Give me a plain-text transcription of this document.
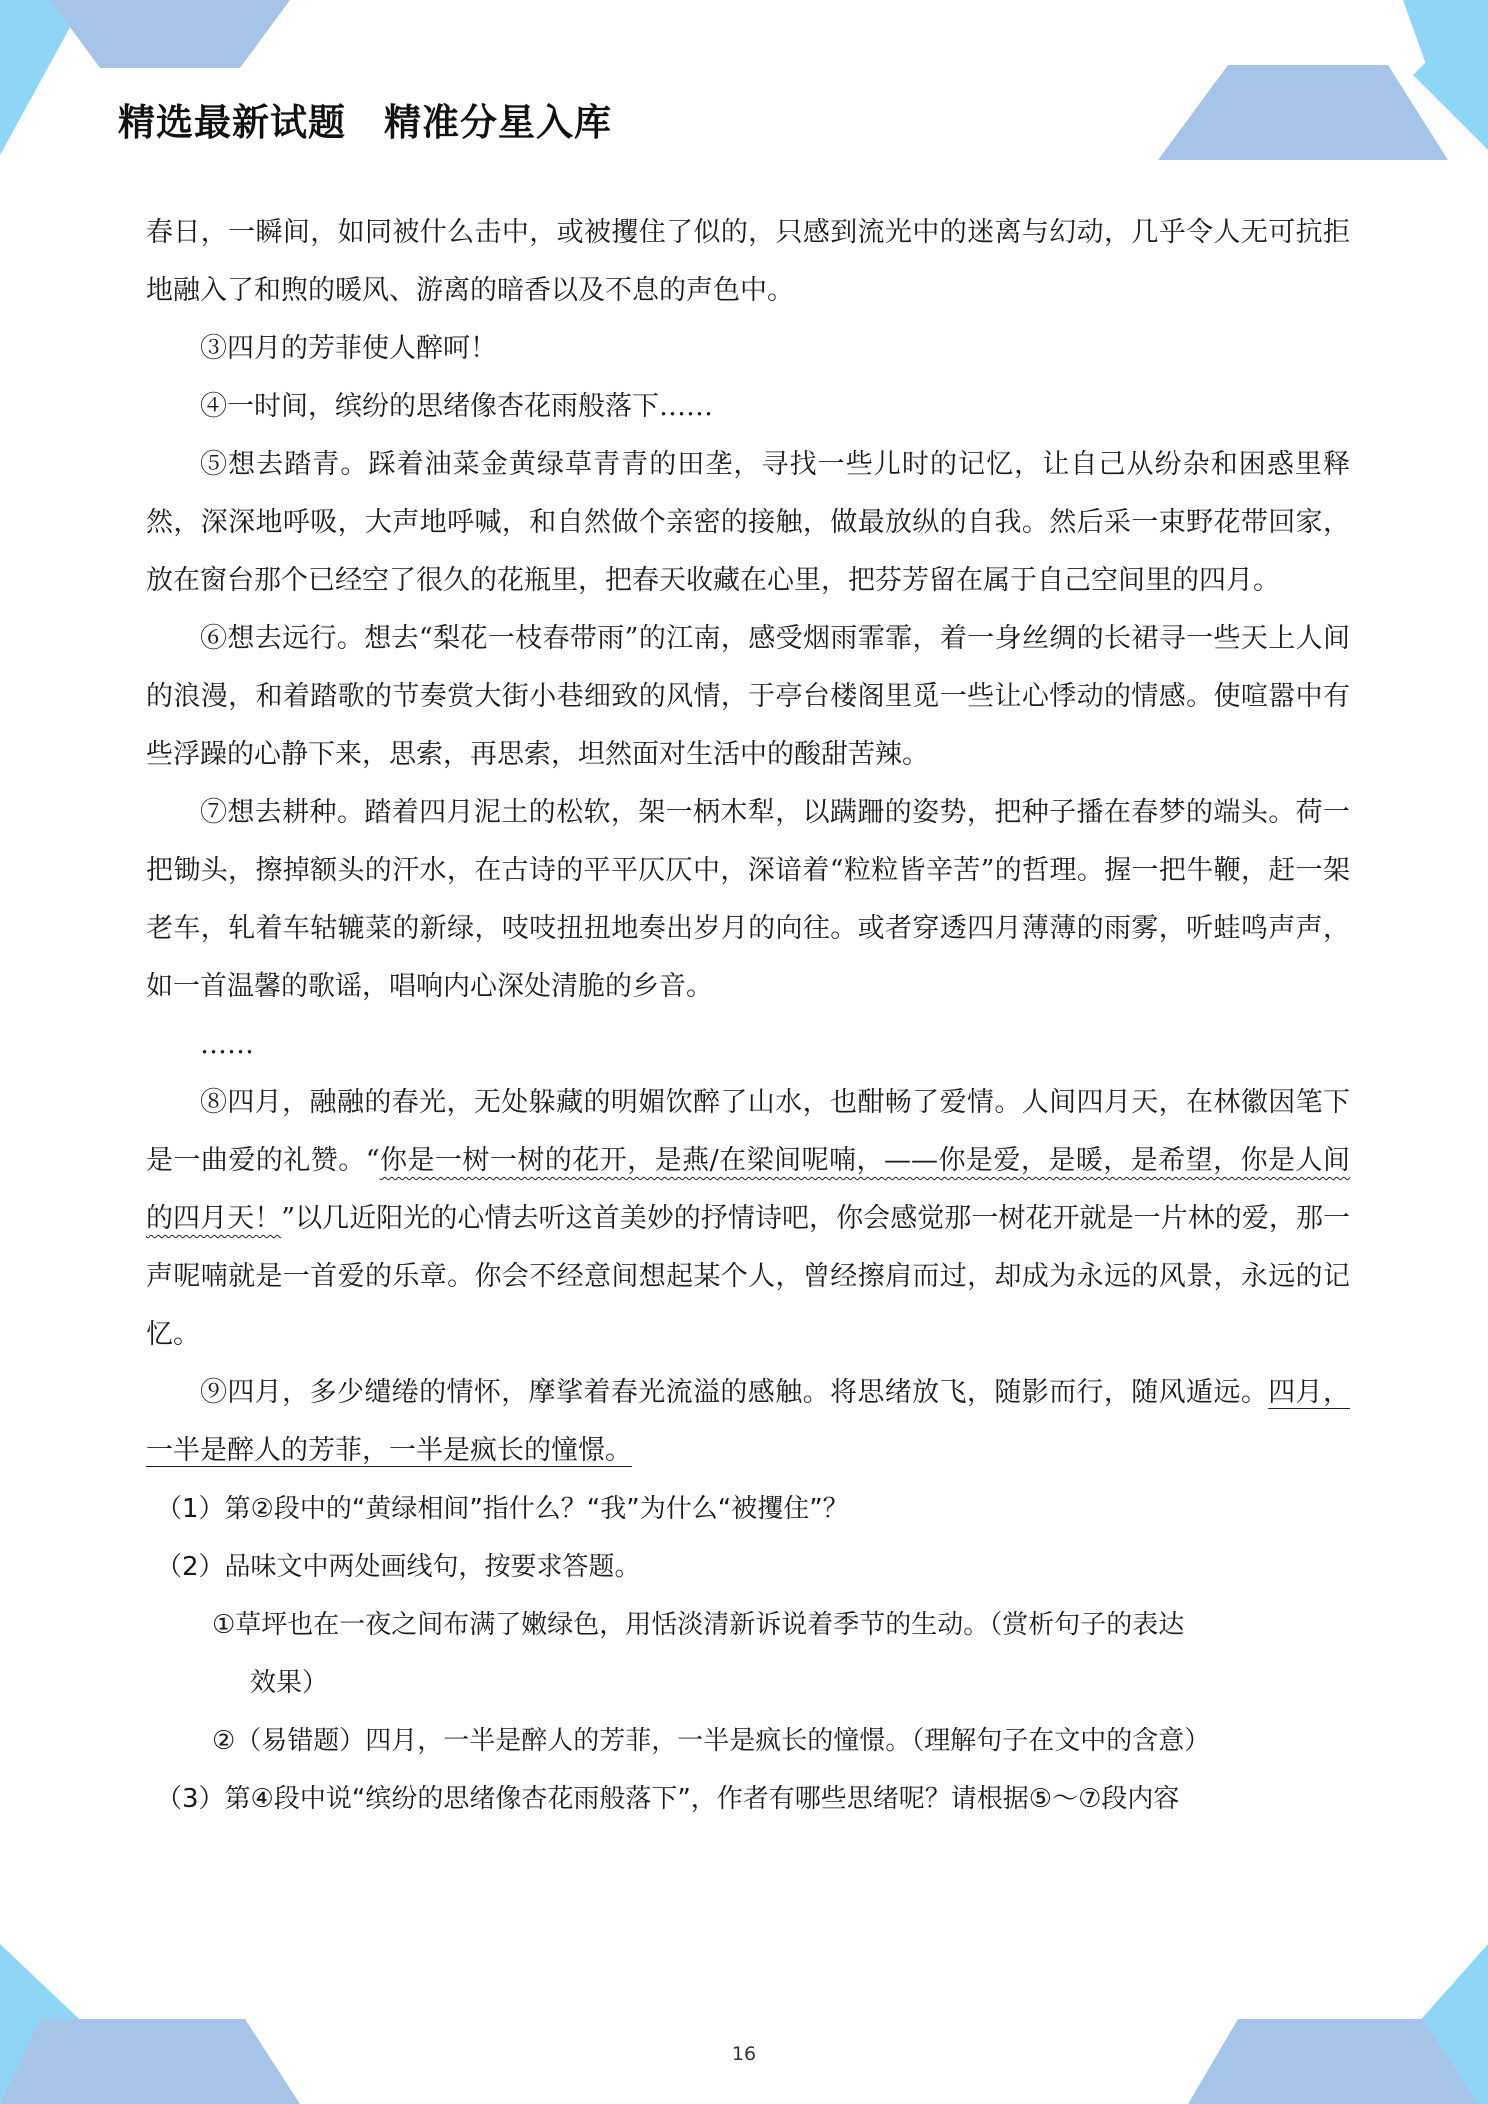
精选最新试题　精准分星入库

春日，一瞬间，如同被什么击中，或被攫住了似的，只感到流光中的迷离与幻动，几乎令人无可抗拒地融入了和煦的暖风、游离的暗香以及不息的声色中。

③四月的芳菲使人醉呵！

④一时间，缤纷的思绪像杏花雨般落下……

⑤想去踏青。踩着油菜金黄绿草青青的田垄，寻找一些儿时的记忆，让自己从纷杂和困惑里释然，深深地呼吸，大声地呼喊，和自然做个亲密的接触，做最放纵的自我。然后采一束野花带回家，放在窗台那个已经空了很久的花瓶里，把春天收藏在心里，把芬芳留在属于自己空间里的四月。

⑥想去远行。想去“梨花一枝春带雨”的江南，感受烟雨霏霏，着一身丝绸的长裙寻一些天上人间的浪漫，和着踏歌的节奏赏大街小巷细致的风情，于亭台楼阁里觅一些让心悸动的情感。使喧嚣中有些浮躁的心静下来，思索，再思索，坦然面对生活中的酸甜苦辣。

⑦想去耕种。踏着四月泥土的松软，架一柄木犁，以蹒跚的姿势，把种子播在春梦的端头。荷一把锄头，擦掉额头的汗水，在古诗的平平仄仄中，深谙着“粒粒皆辛苦”的哲理。握一把牛鞭，赶一架老车，轧着车轱辘菜的新绿，吱吱扭扭地奏出岁月的向往。或者穿透四月薄薄的雨雾，听蛙鸣声声，如一首温馨的歌谣，唱响内心深处清脆的乡音。

……

⑧四月，融融的春光，无处躲藏的明媚饮醉了山水，也酣畅了爱情。人间四月天，在林徽因笔下是一曲爱的礼赞。“你是一树一树的花开，是燕/在梁间呢喃，——你是爱，是暖，是希望，你是人间的四月天！”以几近阳光的心情去听这首美妙的抒情诗吧，你会感觉那一树花开就是一片林的爱，那一声呢喃就是一首爱的乐章。你会不经意间想起某个人，曾经擦肩而过，却成为永远的风景，永远的记忆。

⑨四月，多少缱绻的情怀，摩挲着春光流溢的感触。将思绪放飞，随影而行，随风遁远。四月，一半是醉人的芳菲，一半是疯长的憧憬。

（1）第②段中的“黄绿相间”指什么？“我”为什么“被攫住”？

（2）品味文中两处画线句，按要求答题。

①草坪也在一夜之间布满了嫩绿色，用恬淡清新诉说着季节的生动。（赏析句子的表达

效果）

②（易错题）四月，一半是醉人的芳菲，一半是疯长的憧憬。（理解句子在文中的含意）

（3）第④段中说“缤纷的思绪像杏花雨般落下”，作者有哪些思绪呢？请根据⑤～⑦段内容

16
